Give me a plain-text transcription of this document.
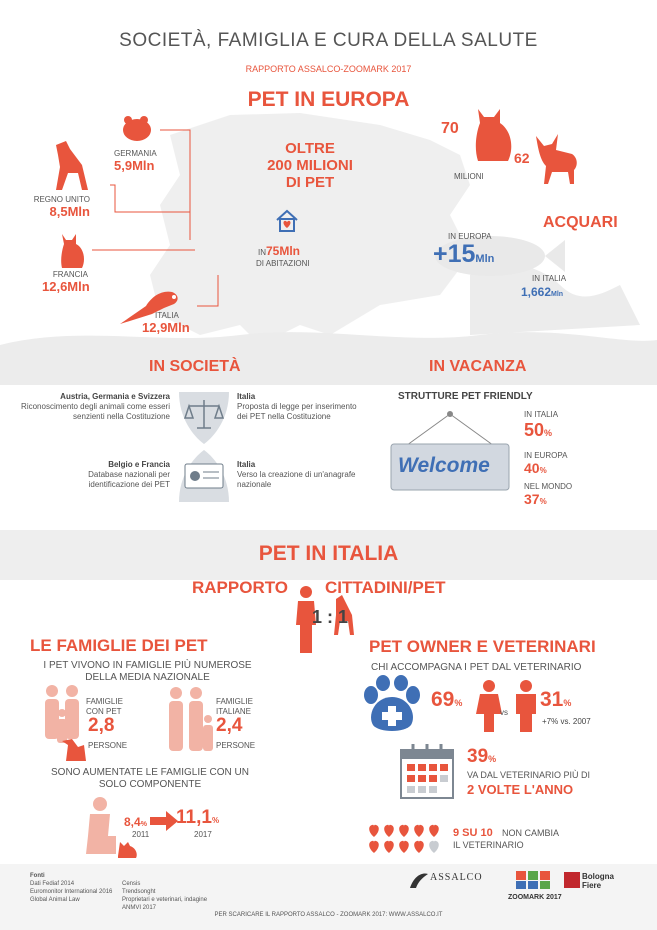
SOCIETÀ, FAMIGLIA E CURA DELLA SALUTE
RAPPORTO ASSALCO-ZOOMARK 2017
PET IN EUROPA
GERMANIA
5,9Mln
REGNO UNITO
8,5Mln
FRANCIA
12,6Mln
ITALIA
12,9Mln
OLTRE
200 MILIONI
DI PET
IN75Mln
DI ABITAZIONI
70
62
MILIONI
ACQUARI
IN EUROPA
+15Mln
IN ITALIA
1,662Mln
IN SOCIETÀ
Austria, Germania e Svizzera
Riconoscimento degli animali come esseri senzienti nella Costituzione
Italia
Proposta di legge per inserimento dei PET nella Costituzione
Belgio e Francia
Database nazionali per identificazione dei PET
Italia
Verso la creazione di un'anagrafe nazionale
IN VACANZA
STRUTTURE PET FRIENDLY
Welcome
IN ITALIA
50%
IN EUROPA
40%
NEL MONDO
37%
PET IN ITALIA
RAPPORTO CITTADINI/PET
1 : 1
LE FAMIGLIE DEI PET
I PET VIVONO IN FAMIGLIE PIÙ NUMEROSE DELLA MEDIA NAZIONALE
FAMIGLIE CON PET
2,8
PERSONE
FAMIGLIE ITALIANE
2,4
PERSONE
SONO AUMENTATE LE FAMIGLIE CON UN SOLO COMPONENTE
8,4%
2011
11,1%
2017
PET OWNER E VETERINARI
CHI ACCOMPAGNA I PET DAL VETERINARIO
69%
vs
31%
+7% vs. 2007
39%
VA DAL VETERINARIO PIÙ DI
2 VOLTE L'ANNO
9 SU 10 NON CAMBIA
IL VETERINARIO
Fonti
Dati Fediaf 2014
Euromonitor International 2016
Global Animal Law
Censis
Trendsonght
Proprietari e veterinari, indagine
ANMVI 2017
PER SCARICARE IL RAPPORTO ASSALCO - ZOOMARK 2017: WWW.ASSALCO.IT
ASSALCO
ZOOMARK 2017
Bologna
Fiere
